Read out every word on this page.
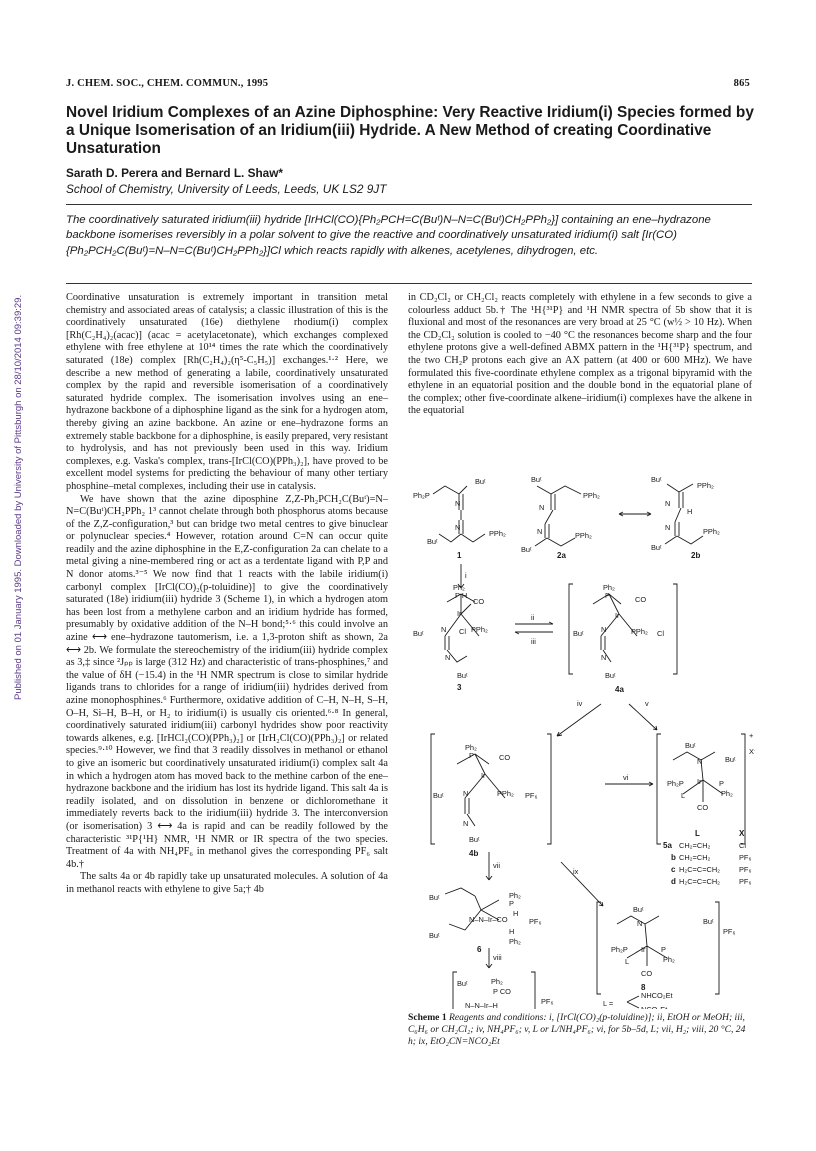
Published on 01 January 1995. Downloaded by University of Pittsburgh on 28/10/2014 09:39:29.
J. CHEM. SOC., CHEM. COMMUN., 1995	865
Novel Iridium Complexes of an Azine Diphosphine: Very Reactive Iridium(i) Species formed by a Unique Isomerisation of an Iridium(iii) Hydride. A New Method of creating Coordinative Unsaturation
Sarath D. Perera and Bernard L. Shaw*
School of Chemistry, University of Leeds, Leeds, UK LS2 9JT

The coordinatively saturated iridium(iii) hydride [IrHCl(CO){Ph₂PCH=C(Buᵗ)N–N=C(Buᵗ)CH₂PPh₂}] containing an ene–hydrazone backbone isomerises reversibly in a polar solvent to give the reactive and coordinatively unsaturated iridium(i) salt [Ir(CO){Ph₂PCH₂C(Buᵗ)=N–N=C(Buᵗ)CH₂PPh₂}]Cl which reacts rapidly with alkenes, acetylenes, dihydrogen, etc.

Coordinative unsaturation is extremely important in transition metal chemistry and associated areas of catalysis; a classic illustration of this is the coordinatively unsaturated (16e) diethylene rhodium(i) complex [Rh(C₂H₄)₂(acac)] (acac = acetylacetonate), which exchanges complexed ethylene with free ethylene at 10¹⁴ times the rate which the coordinatively saturated (18e) complex [Rh(C₂H₄)₂(η⁵-C₅H₅)] exchanges.¹·² Here, we describe a new method of generating a labile, coordinatively unsaturated complex by the rapid and reversible isomerisation of a coordinatively saturated hydride complex. The isomerisation involves using an ene–hydrazone backbone of a diphosphine ligand as the sink for a hydrogen atom, thereby giving an azine backbone. An azine or ene–hydrazone forms an extremely stable backbone for a diphosphine, is easily prepared, very resistant to hydrolysis, and has not previously been used in this way. Iridium complexes, e.g. Vaska's complex, trans-[IrCl(CO)(PPh₃)₂], have proved to be excellent model systems for predicting the behaviour of many other tertiary phosphine–metal complexes, including their use in catalysis.

We have shown that the azine diposphine Z,Z-Ph₂PCH₂C(Buᵗ)=N–N=C(Buᵗ)CH₂PPh₂ 1³ cannot chelate through both phosphorus atoms because of the Z,Z-configuration,³ but can bridge two metal centres to give binuclear or polynuclear species.⁴ However, rotation around C=N can occur quite readily and the azine diphosphine in the E,Z-configuration 2a can chelate to a metal giving a nine-membered ring or act as a terdentate ligand with P,P and N donor atoms.³⁻⁵ We now find that 1 reacts with the labile iridium(i) carbonyl complex [IrCl(CO)₂(p-toluidine)] to give the coordinatively saturated (18e) iridium(iii) hydride 3 (Scheme 1), in which a hydrogen atom has been lost from a methylene carbon and an iridium hydride has formed, presumably by oxidative addition of the N–H bond;⁵·⁶ this could involve an azine ⟷ ene–hydrazone tautomerism, i.e. a 1,3-proton shift as shown, 2a ⟷ 2b. We formulate the stereochemistry of the iridium(iii) hydride complex as 3,‡ since ²Jₚₚ is large (312 Hz) and characteristic of trans-phosphines,⁷ and the value of δH (−15.4) in the ¹H NMR spectrum is close to similar hydride ligands trans to chlorides for a range of iridium(iii) hydrides derived from azine monophosphines.⁶ Furthermore, oxidative addition of C–H, N–H, S–H, O–H, Si–H, B–H, or H₂ to iridium(i) is usually cis oriented.⁶·⁸ In general, coordinatively saturated iridium(iii) carbonyl hydrides show poor reactivity towards alkenes, e.g. [IrHCl₂(CO)(PPh₃)₂] or [IrH₂Cl(CO)(PPh₃)₂] or related species.⁹·¹⁰ However, we find that 3 readily dissolves in methanol or ethanol to give an isomeric but coordinatively unsaturated iridium(i) complex salt 4a in which a hydrogen atom has moved back to the methine carbon of the ene–hydrazone backbone and the iridium has lost its hydride ligand. This salt 4a is readily isolated, and on dissolution in benzene or dichloromethane it immediately reverts back to the iridium(iii) hydride 3. The interconversion (or isomerisation) 3 ⟷ 4a is rapid and can be readily followed by the characteristic ³¹P{¹H} NMR, ¹H NMR or IR spectra of the two species. Treatment of 4a with NH₄PF₆ in methanol gives the corresponding PF₆ salt 4b.†

The salts 4a or 4b rapidly take up unsaturated molecules. A solution of 4a in methanol reacts with ethylene to give 5a;† 4b

in CD₂Cl₂ or CH₂Cl₂ reacts completely with ethylene in a few seconds to give a colourless adduct 5b.† The ¹H{³¹P} and ¹H NMR spectra of 5b show that it is fluxional and most of the resonances are very broad at 25 °C (w½ > 10 Hz). When the CD₂Cl₂ solution is cooled to −40 °C the resonances become sharp and the four ethylene protons give a well-defined ABMX pattern in the ¹H{³¹P} spectrum, and the two CH₂P protons each give an AX pattern (at 400 or 600 MHz). We have formulated this five-coordinate ethylene complex as a trigonal bipyramid with the ethylene in an equatorial position and the double bond in the equatorial plane of the complex; other five-coordinate alkene–iridium(i) complexes have the alkene in the equatorial

Ph₂P
Buᵗ
N
N
PPh₂
Buᵗ
1
Buᵗ
PPh₂
N
N	PPh₂
Buᵗ
2a
Buᵗ
PPh₂
N
H
N	PPh₂
Buᵗ
2b
i
Ph₂
P H
CO
Ir
Buᵗ N Cl PPh₂
N
Buᵗ
3
ii
iii
Ph₂
P	CO
Ir
Buᵗ N	PPh₂ Cl
N
Buᵗ
4a
iv	v
Ph₂
P	CO
Ir
Buᵗ	N	PPh₂ PF₆
N
Buᵗ
4b
vi
Buᵗ
Buᵗ
+
X
N
Ph₂P Ir P
Ph₂
L
CO
L	X
5a CH₂=CH₂	Cl
b CH₂=CH₂	PF₆
c H₂C=C=CH₂	PF₆
d H₂C=C=CH₂	PF₆
vii
ix
Ph₂
Buᵗ
P
H
N–N–Ir–CO	PF₆
H
Buᵗ
Ph₂
6
viii
Ph₂
Buᵗ
P CO
N–N–Ir–H	PF₆
Buᵗ
Buᵗ
PF₆
N
Ph₂P Ir P
Ph₂
L
CO
8
L =
NHCO₂Et
Scheme 1 Reagents and conditions: i, [IrCl(CO)₂(p-toluidine)]; ii, EtOH or MeOH; iii, C₆H₆ or CH₂Cl₂; iv, NH₄PF₆; v, L or L/NH₄PF₆; vi, for 5b–5d, L; vii, H₂; viii, 20 °C, 24 h; ix, EtO₂CN=NCO₂Et
